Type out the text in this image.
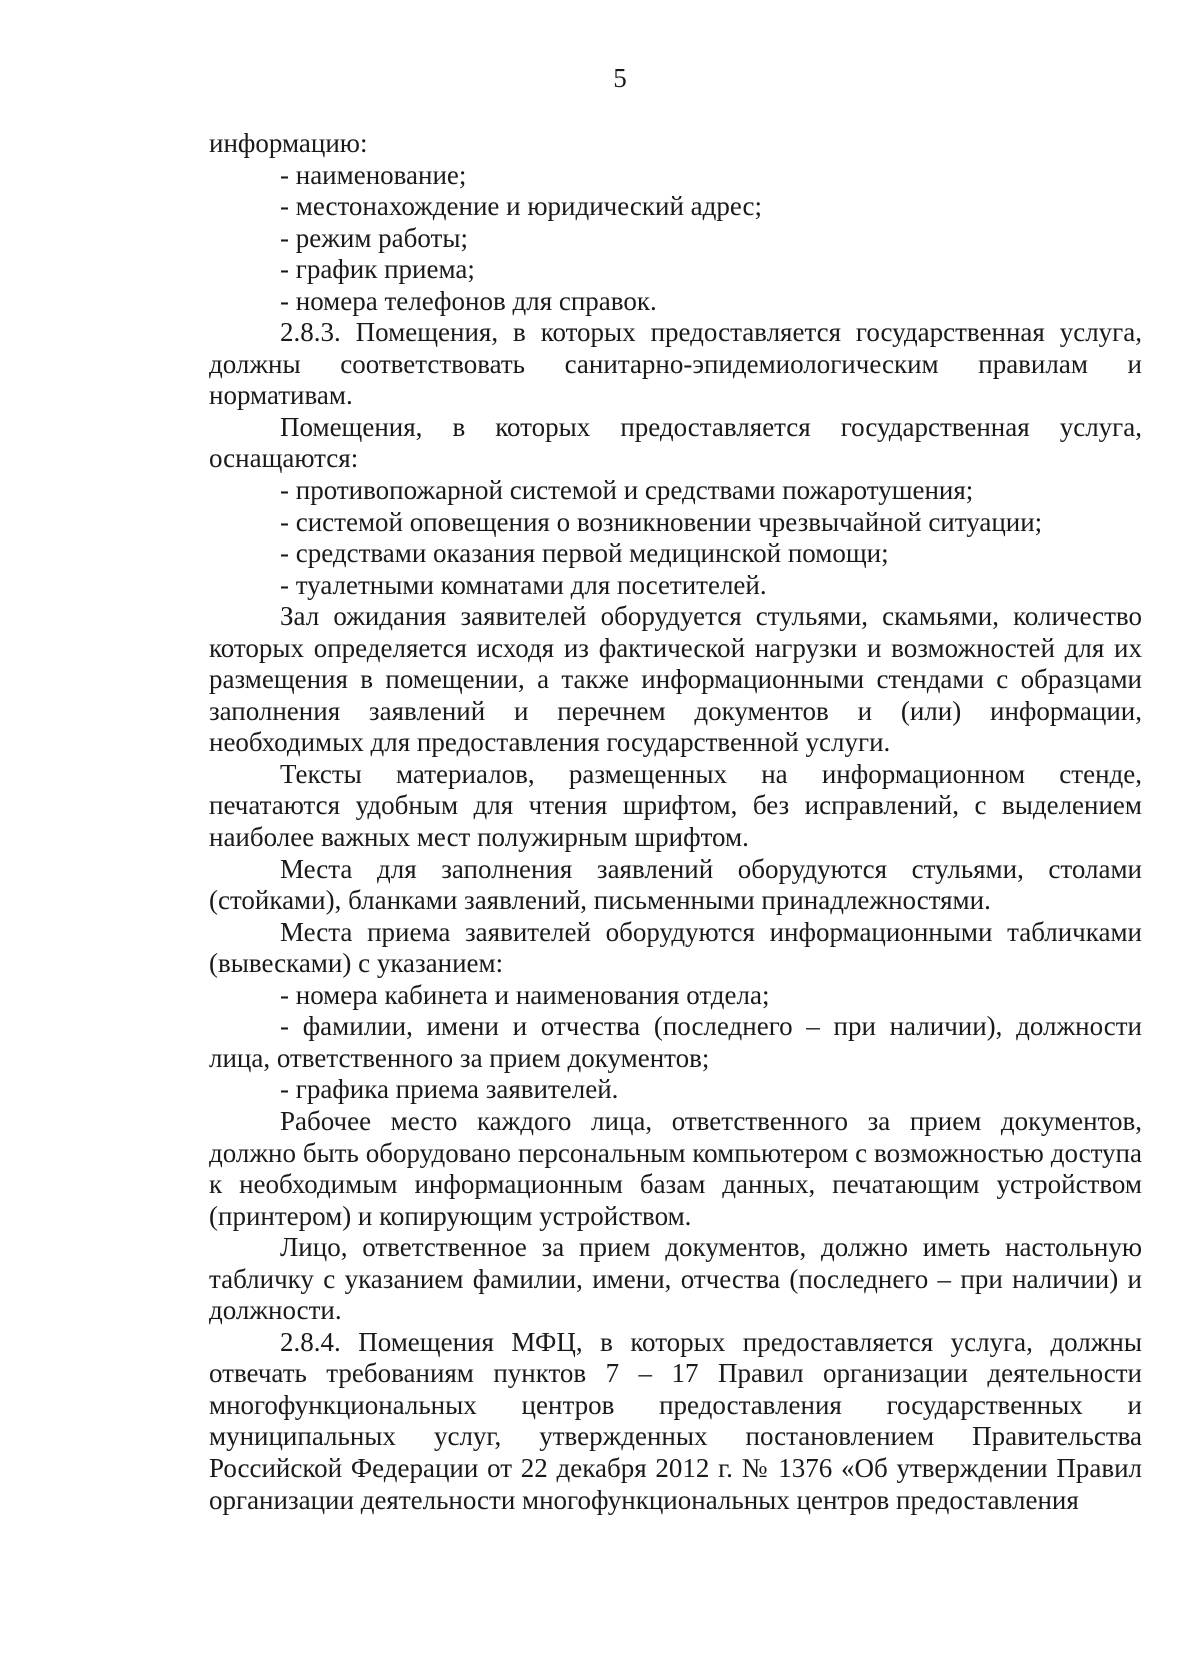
5

информацию:

- наименование;

- местонахождение и юридический адрес;

- режим работы;

- график приема;

- номера телефонов для справок.

2.8.3. Помещения, в которых предоставляется государственная услуга, должны соответствовать санитарно-эпидемиологическим правилам и нормативам.

Помещения, в которых предоставляется государственная услуга, оснащаются:

- противопожарной системой и средствами пожаротушения;

- системой оповещения о возникновении чрезвычайной ситуации;

- средствами оказания первой медицинской помощи;

- туалетными комнатами для посетителей.

Зал ожидания заявителей оборудуется стульями, скамьями, количество которых определяется исходя из фактической нагрузки и возможностей для их размещения в помещении, а также информационными стендами с образцами заполнения заявлений и перечнем документов и (или) информации, необходимых для предоставления государственной услуги.

Тексты материалов, размещенных на информационном стенде, печатаются удобным для чтения шрифтом, без исправлений, с выделением наиболее важных мест полужирным шрифтом.

Места для заполнения заявлений оборудуются стульями, столами (стойками), бланками заявлений, письменными принадлежностями.

Места приема заявителей оборудуются информационными табличками (вывесками) с указанием:

- номера кабинета и наименования отдела;

- фамилии, имени и отчества (последнего – при наличии), должности лица, ответственного за прием документов;

- графика приема заявителей.

Рабочее место каждого лица, ответственного за прием документов, должно быть оборудовано персональным компьютером с возможностью доступа к необходимым информационным базам данных, печатающим устройством (принтером) и копирующим устройством.

Лицо, ответственное за прием документов, должно иметь настольную табличку с указанием фамилии, имени, отчества (последнего – при наличии) и должности.

2.8.4. Помещения МФЦ, в которых предоставляется услуга, должны отвечать требованиям пунктов 7 – 17 Правил организации деятельности многофункциональных центров предоставления государственных и муниципальных услуг, утвержденных постановлением Правительства Российской Федерации от 22 декабря 2012 г. № 1376 «Об утверждении Правил организации деятельности многофункциональных центров предоставления
